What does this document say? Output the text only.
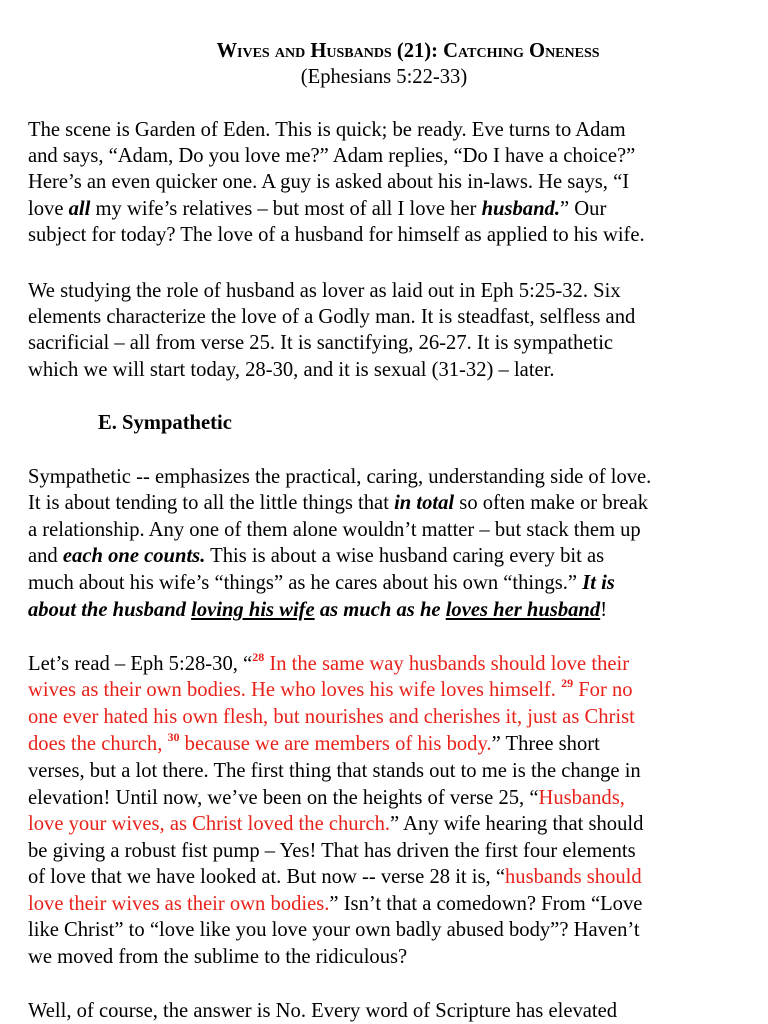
Wives and Husbands (21): Catching Oneness
(Ephesians 5:22-33)
The scene is Garden of Eden. This is quick; be ready. Eve turns to Adam
and says, “Adam, Do you love me?” Adam replies, “Do I have a choice?”
Here’s an even quicker one. A guy is asked about his in-laws. He says, “I
love all my wife’s relatives – but most of all I love her husband.” Our
subject for today? The love of a husband for himself as applied to his wife.
We studying the role of husband as lover as laid out in Eph 5:25-32. Six
elements characterize the love of a Godly man. It is steadfast, selfless and
sacrificial – all from verse 25. It is sanctifying, 26-27. It is sympathetic
which we will start today, 28-30, and it is sexual (31-32) – later.
E. Sympathetic
Sympathetic -- emphasizes the practical, caring, understanding side of love.
It is about tending to all the little things that in total so often make or break
a relationship. Any one of them alone wouldn’t matter – but stack them up
and each one counts. This is about a wise husband caring every bit as
much about his wife’s “things” as he cares about his own “things.” It is
about the husband loving his wife as much as he loves her husband!
Let’s read – Eph 5:28-30, “$^{28}$ In the same way husbands should love their
wives as their own bodies. He who loves his wife loves himself. $^{29}$ For no
one ever hated his own flesh, but nourishes and cherishes it, just as Christ
does the church, $^{30}$ because we are members of his body.” Three short
verses, but a lot there. The first thing that stands out to me is the change in
elevation! Until now, we’ve been on the heights of verse 25, “Husbands,
love your wives, as Christ loved the church.” Any wife hearing that should
be giving a robust fist pump – Yes! That has driven the first four elements
of love that we have looked at. But now -- verse 28 it is, “husbands should
love their wives as their own bodies.” Isn’t that a comedown? From “Love
like Christ” to “love like you love your own badly abused body”? Haven’t
we moved from the sublime to the ridiculous?
Well, of course, the answer is No. Every word of Scripture has elevated
